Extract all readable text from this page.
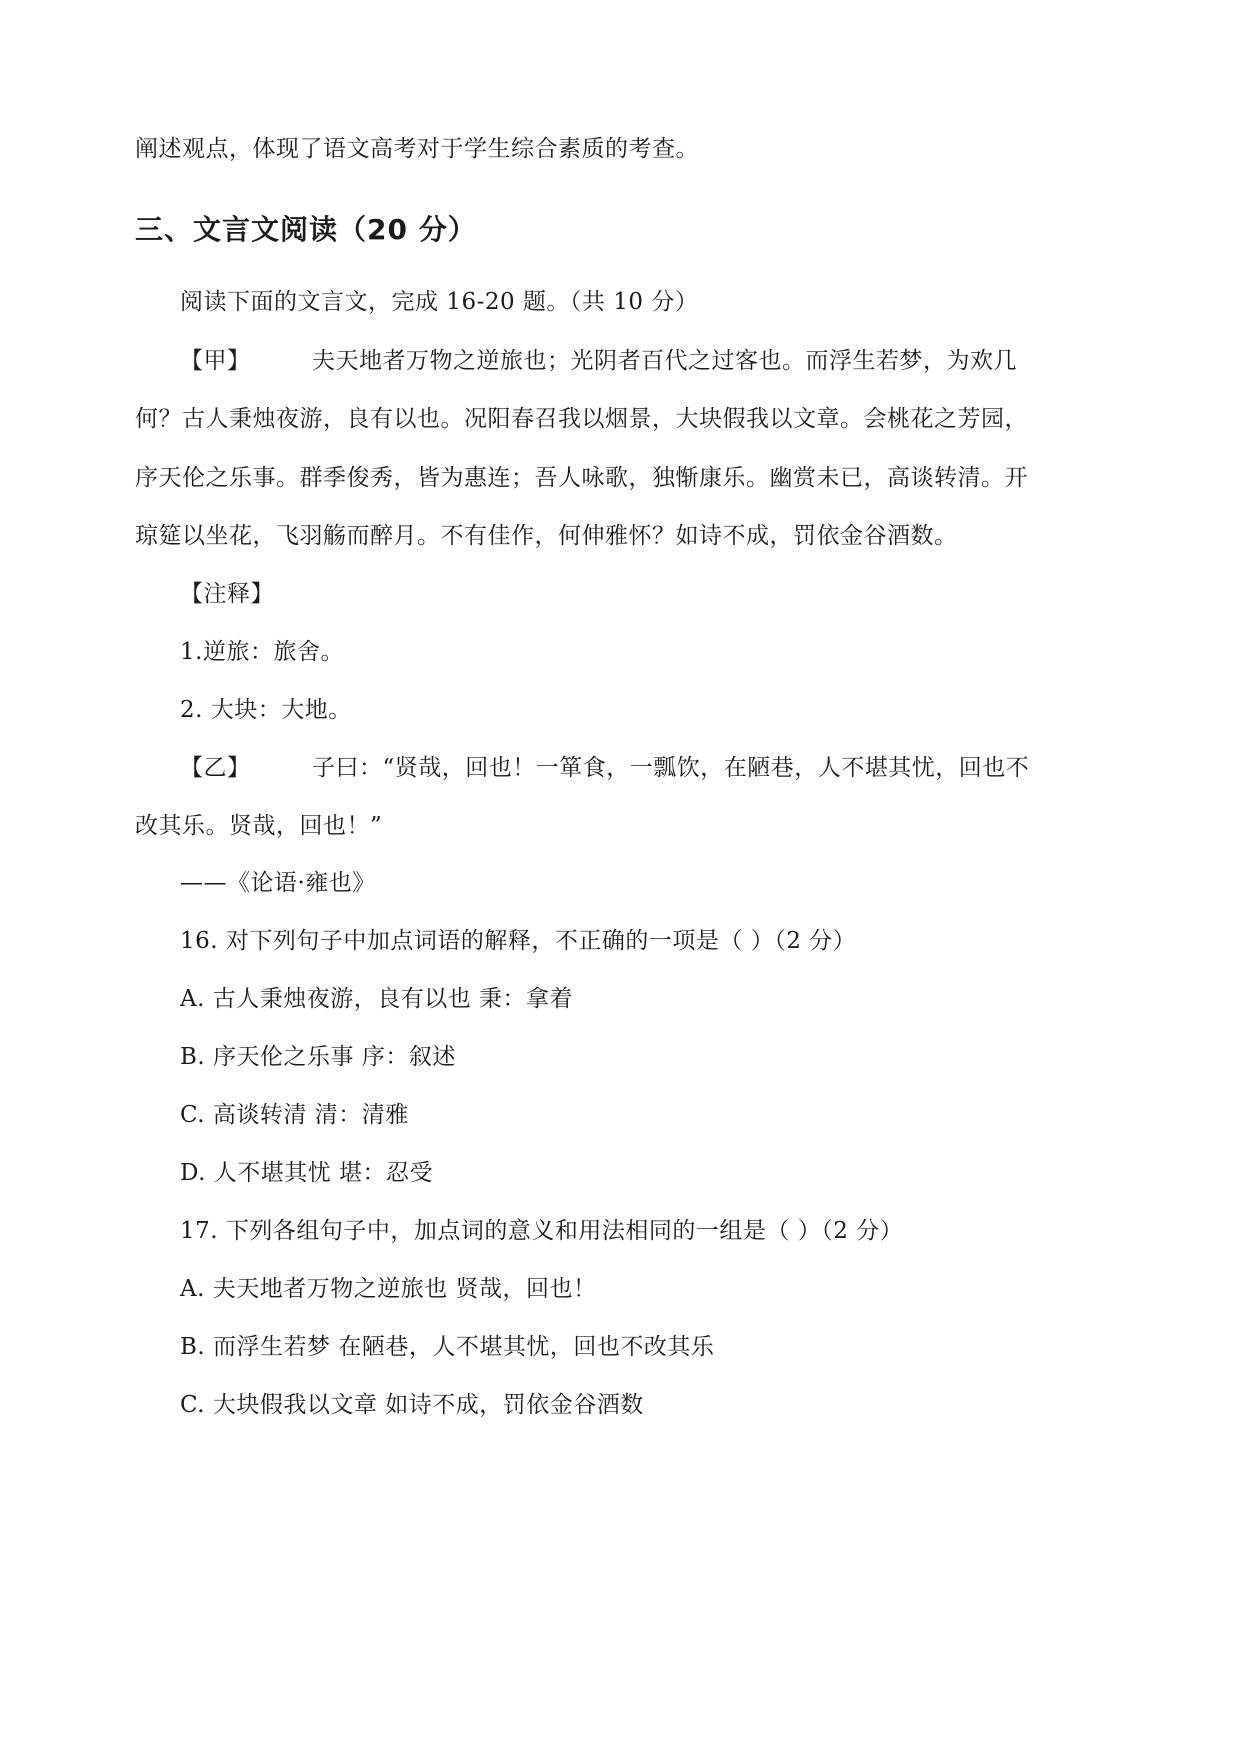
阐述观点，体现了语文高考对于学生综合素质的考查。
三、文言文阅读（20 分）
阅读下面的文言文，完成 16-20 题。（共 10 分）
【甲】	夫天地者万物之逆旅也；光阴者百代之过客也。而浮生若梦，为欢几
何？古人秉烛夜游，良有以也。况阳春召我以烟景，大块假我以文章。会桃花之芳园，
序天伦之乐事。群季俊秀，皆为惠连；吾人咏歌，独惭康乐。幽赏未已，高谈转清。开
琼筵以坐花，飞羽觞而醉月。不有佳作，何伸雅怀？如诗不成，罚依金谷酒数。
【注释】
1.逆旅：旅舍。
2. 大块：大地。
【乙】	子曰：“贤哉，回也！一箪食，一瓢饮，在陋巷，人不堪其忧，回也不
改其乐。贤哉，回也！”
——《论语·雍也》
16. 对下列句子中加点词语的解释，不正确的一项是（ ）（2 分）
A. 古人秉烛夜游，良有以也 秉：拿着
B. 序天伦之乐事 序：叙述
C. 高谈转清 清：清雅
D. 人不堪其忧 堪：忍受
17. 下列各组句子中，加点词的意义和用法相同的一组是（ ）（2 分）
A. 夫天地者万物之逆旅也 贤哉，回也！
B. 而浮生若梦 在陋巷，人不堪其忧，回也不改其乐
C. 大块假我以文章 如诗不成，罚依金谷酒数
